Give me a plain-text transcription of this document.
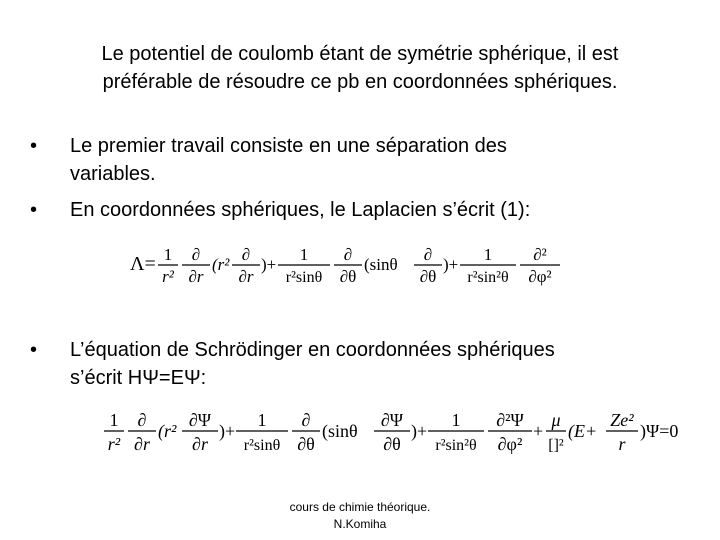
Le potentiel de coulomb étant de symétrie sphérique, il est
préférable de résoudre ce pb en coordonnées sphériques.
•	Le premier travail consiste en une séparation des
variables.
•	En coordonnées sphériques, le Laplacien s’écrit (1):
Λ= 1
r²
∂
∂r
(r²
∂
∂r
)+
1
r²sinθ
∂
∂θ
(sinθ
∂
∂θ
)+
1
r²sin²θ
∂²
∂φ²
•	L’équation de Schrödinger en coordonnées sphériques
s’écrit HΨ=EΨ:
1
r²
∂
∂r
(r²
∂Ψ
∂r
)+
1
r²sinθ
∂
∂θ
(sinθ
∂Ψ
∂θ
)+
1
r²sin²θ
∂²Ψ
∂φ²
+
μ
[]²
(E+
Ze²
r
)Ψ=0
cours de chimie théorique.
N.Komiha
